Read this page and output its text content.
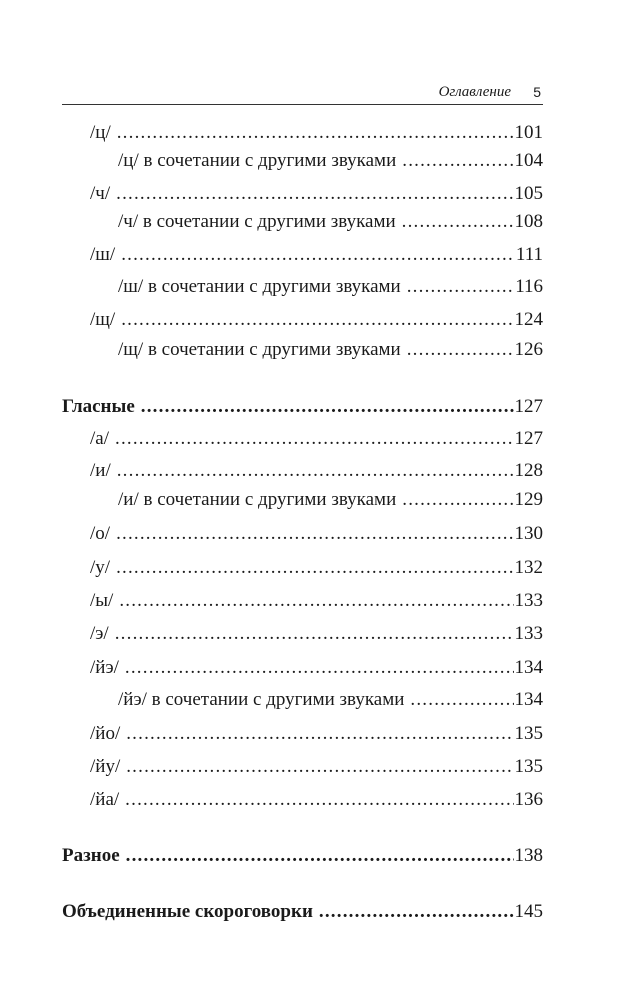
Оглавление 5
/ц/ .....	101
/ц/ в сочетании с другими звуками .....	104
/ч/ .....	105
/ч/ в сочетании с другими звуками .....	108
/ш/ .....	111
/ш/ в сочетании с другими звуками .....	116
/щ/ .....	124
/щ/ в сочетании с другими звуками .....	126
Гласные .....	127
/а/ .....	127
/и/ .....	128
/и/ в сочетании с другими звуками .....	129
/о/ .....	130
/у/ .....	132
/ы/ .....	133
/э/ .....	133
/йэ/ .....	134
/йэ/ в сочетании с другими звуками .....	134
/йо/ .....	135
/йу/ .....	135
/йа/ .....	136
Разное .....	138
Объединенные скороговорки .....	145
